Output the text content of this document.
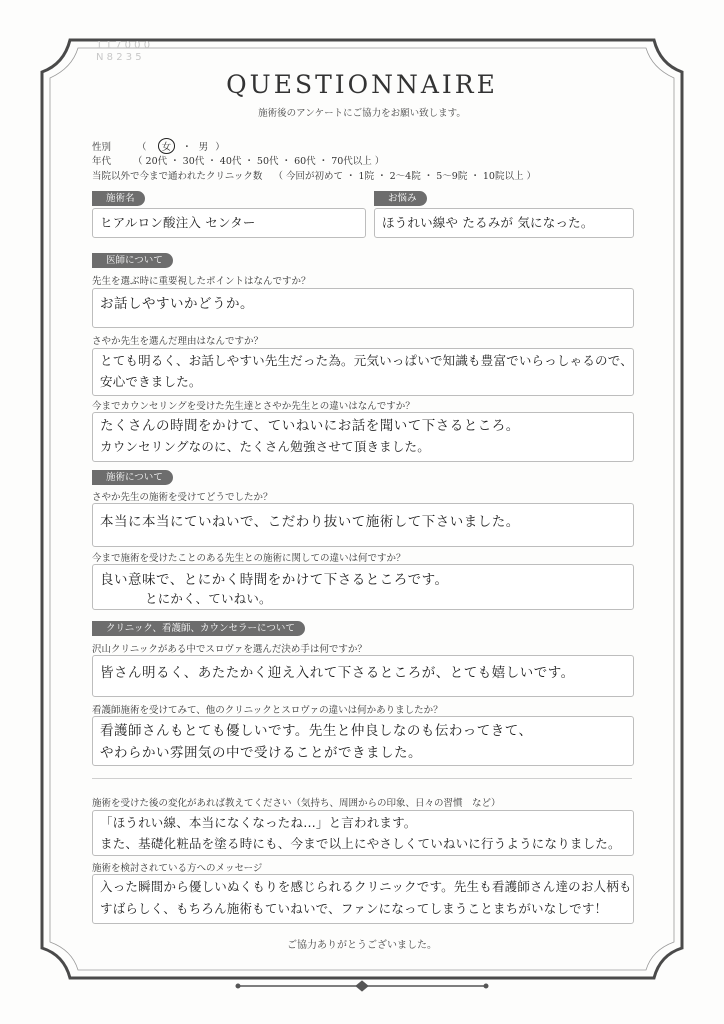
1 1 7 0 0 0
N 8 2 3 5
QUESTIONNAIRE
施術後のアンケートにご協力をお願い致します。
性別	（ 女 ・ 男 ）
年代 （ 20代 ・ 30代 ・ 40代 ・ 50代 ・ 60代 ・ 70代以上 ）
当院以外で今まで通われたクリニック数 （ 今回が初めて ・ 1院 ・ 2～4院 ・ 5～9院 ・ 10院以上 ）
施術名
ヒアルロン酸注入 センター
お悩み
ほうれい線や たるみが 気になった。
医師について
先生を選ぶ時に重要視したポイントはなんですか？
お話しやすいかどうか。
さやか先生を選んだ理由はなんですか？
とても明るく、お話しやすい先生だった為。元気いっぱいで知識も豊富でいらっしゃるので、
安心できました。
今までカウンセリングを受けた先生達とさやか先生との違いはなんですか？
たくさんの時間をかけて、ていねいにお話を聞いて下さるところ。
カウンセリングなのに、たくさん勉強させて頂きました。
施術について
さやか先生の施術を受けてどうでしたか？
本当に本当にていねいで、こだわり抜いて施術して下さいました。
今まで施術を受けたことのある先生との施術に関しての違いは何ですか？
良い意味で、とにかく時間をかけて下さるところです。
とにかく、ていねい。
クリニック、看護師、カウンセラーについて
沢山クリニックがある中でスロヴァを選んだ決め手は何ですか？
皆さん明るく、あたたかく迎え入れて下さるところが、とても嬉しいです。
看護師施術を受けてみて、他のクリニックとスロヴァの違いは何かありましたか？
看護師さんもとても優しいです。先生と仲良しなのも伝わってきて、
やわらかい雰囲気の中で受けることができました。
施術を受けた後の変化があれば教えてください（気持ち、周囲からの印象、日々の習慣　など）
「ほうれい線、本当になくなったね…」と言われます。
また、基礎化粧品を塗る時にも、今まで以上にやさしくていねいに行うようになりました。
施術を検討されている方へのメッセージ
入った瞬間から優しいぬくもりを感じられるクリニックです。先生も看護師さん達のお人柄も
すばらしく、もちろん施術もていねいで、ファンになってしまうことまちがいなしです！
ご協力ありがとうございました。
